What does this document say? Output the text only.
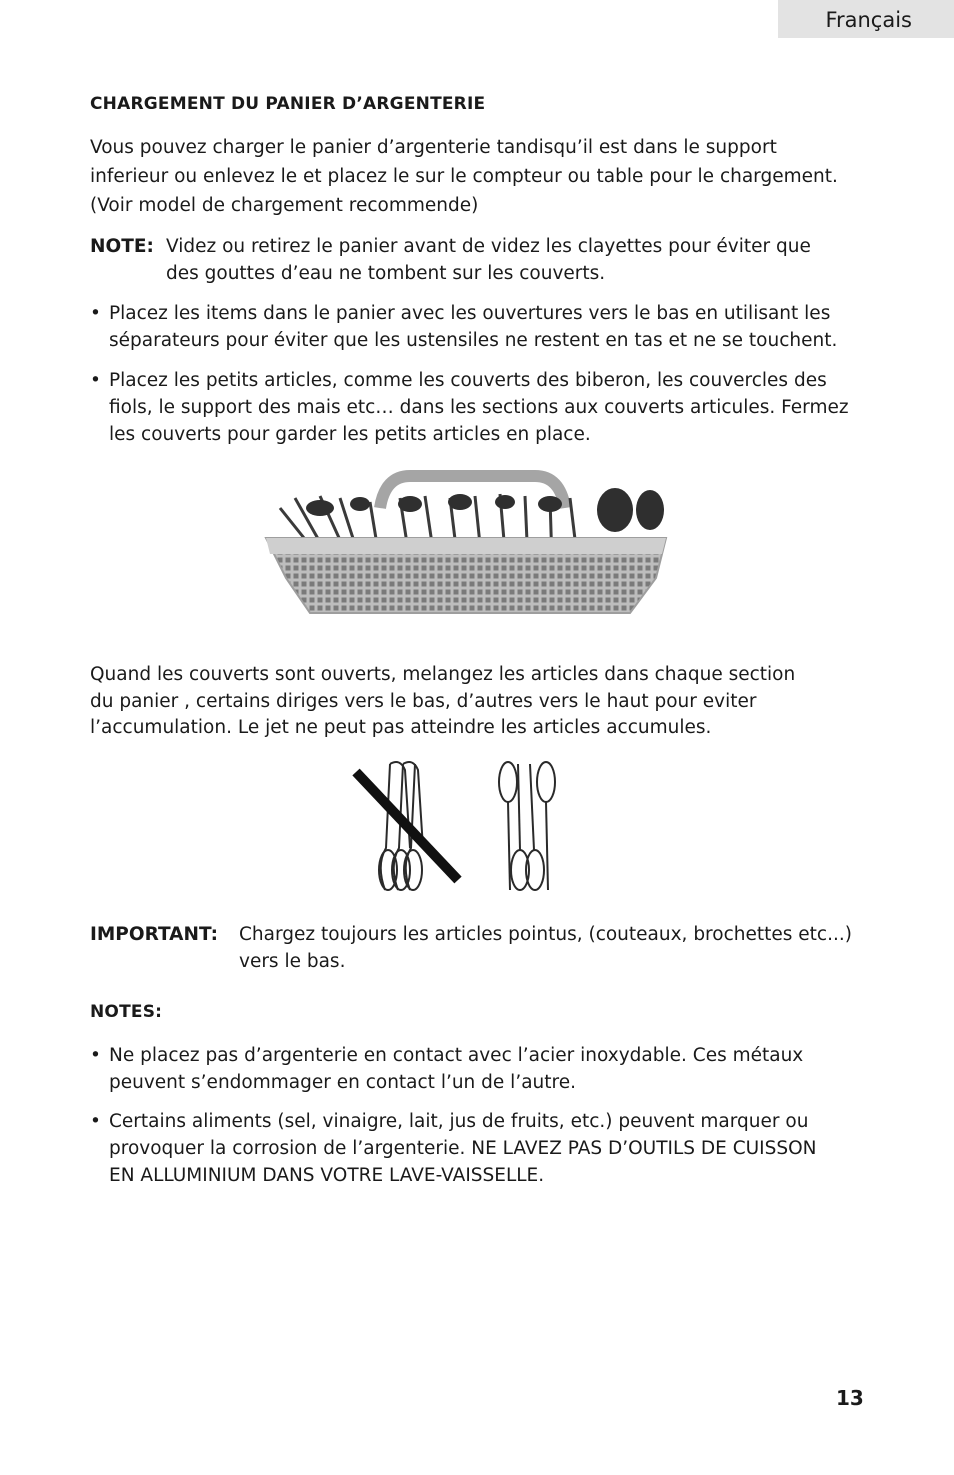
Français
CHARGEMENT DU PANIER D’ARGENTERIE
Vous pouvez charger le panier d’argenterie tandisqu’il est dans le support
inferieur ou enlevez le et placez le sur le compteur ou table pour le chargement.
(Voir model de chargement recommende)
NOTE: Videz ou retirez le panier avant de videz les clayettes pour éviter que
des gouttes d’eau ne tombent sur les couverts.
• Placez les items dans le panier avec les ouvertures vers le bas en utilisant les
séparateurs pour éviter que les ustensiles ne restent en tas et ne se touchent.
• Placez les petits articles, comme les couverts des biberon, les couvercles des
fiols, le support des mais etc… dans les sections aux couverts articules. Fermez
les couverts pour garder les petits articles en place.
Quand les couverts sont ouverts, melangez les articles dans chaque section
du panier , certains diriges vers le bas, d’autres vers le haut pour eviter
l’accumulation. Le jet ne peut pas atteindre les articles accumules.
IMPORTANT:	Chargez toujours les articles pointus, (couteaux, brochettes etc...)
vers le bas.
NOTES:
• Ne placez pas d’argenterie en contact avec l’acier inoxydable. Ces métaux
peuvent s’endommager en contact l’un de l’autre.
• Certains aliments (sel, vinaigre, lait, jus de fruits, etc.) peuvent marquer ou
provoquer la corrosion de l’argenterie. NE LAVEZ PAS D’OUTILS DE CUISSON
EN ALLUMINIUM DANS VOTRE LAVE-VAISSELLE.
13
